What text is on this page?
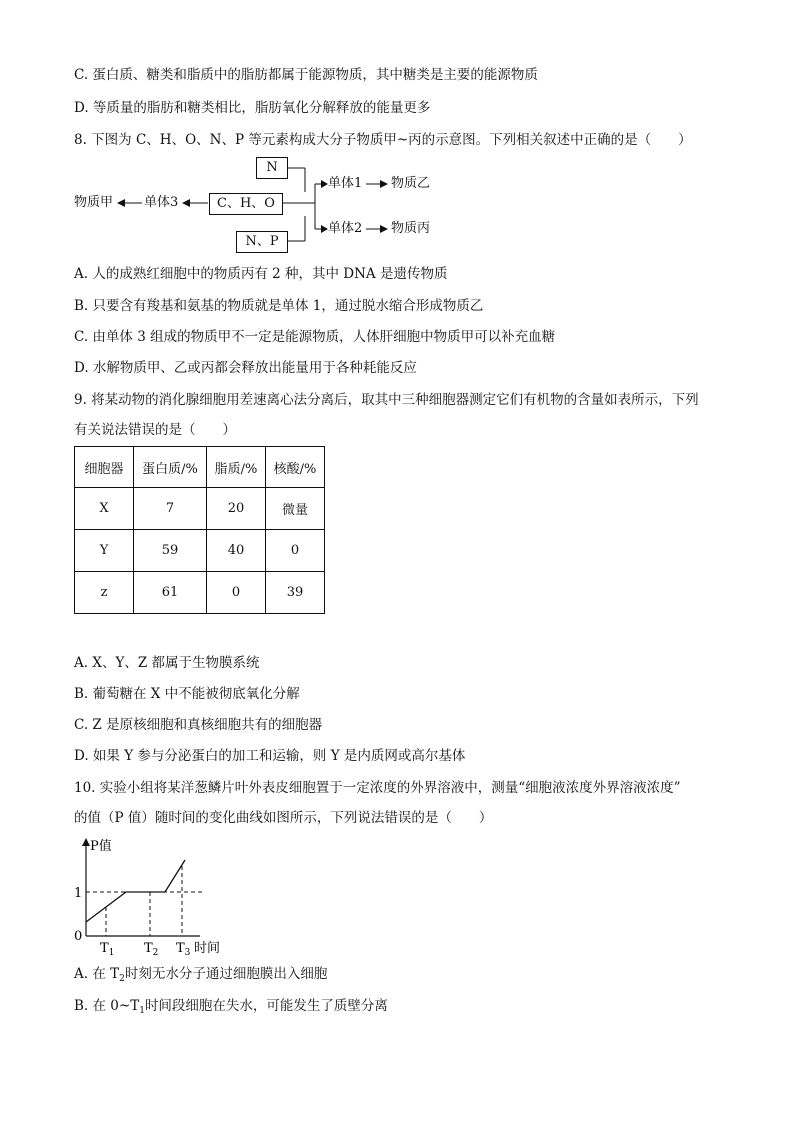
C. 蛋白质、糖类和脂质中的脂肪都属于能源物质，其中糖类是主要的能源物质
D. 等质量的脂肪和糖类相比，脂肪氧化分解释放的能量更多
8. 下图为 C、H、O、N、P 等元素构成大分子物质甲~丙的示意图。下列相关叙述中正确的是（　　）
N
C、H、O
N、P
单体1
单体2
单体3
物质乙
物质丙
物质甲
A. 人的成熟红细胞中的物质丙有 2 种，其中 DNA 是遗传物质
B. 只要含有羧基和氨基的物质就是单体 1，通过脱水缩合形成物质乙
C. 由单体 3 组成的物质甲不一定是能源物质，人体肝细胞中物质甲可以补充血糖
D. 水解物质甲、乙或丙都会释放出能量用于各种耗能反应
9. 将某动物的消化腺细胞用差速离心法分离后，取其中三种细胞器测定它们有机物的含量如表所示，下列
有关说法错误的是（　　）
细胞器	蛋白质/%	脂质/%	核酸/%
X	7	20	微量
Y	59	40	0
z	61	0	39
A. X、Y、Z 都属于生物膜系统
B. 葡萄糖在 X 中不能被彻底氧化分解
C. Z 是原核细胞和真核细胞共有的细胞器
D. 如果 Y 参与分泌蛋白的加工和运输，则 Y 是内质网或高尔基体
10. 实验小组将某洋葱鳞片叶外表皮细胞置于一定浓度的外界溶液中，测量“细胞液浓度外界溶液浓度”
的值（P 值）随时间的变化曲线如图所示，下列说法错误的是（　　）
P值
1
0
$T_1$ $T_2$ $T_3$ 时间
A. 在 $T_2$时刻无水分子通过细胞膜出入细胞
B. 在 $0\sim T_1$时间段细胞在失水，可能发生了质壁分离
